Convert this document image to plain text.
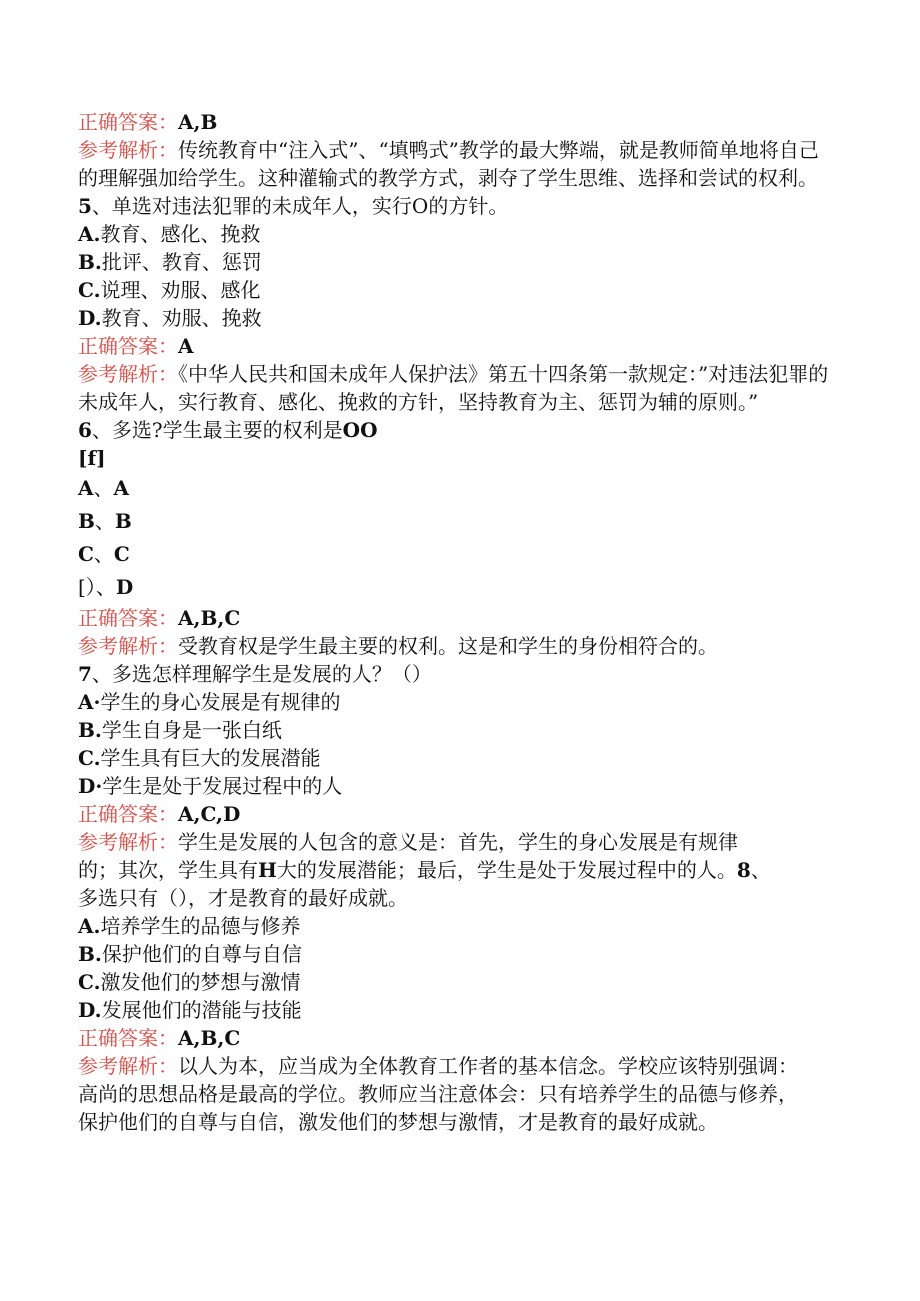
正确答案：A,B
参考解析：传统教育中“注入式”、“填鸭式”教学的最大弊端，就是教师简单地将自己的理解强加给学生。这种灌输式的教学方式，剥夺了学生思维、选择和尝试的权利。
5、单选对违法犯罪的未成年人，实行O的方针。
A.教育、感化、挽救
B.批评、教育、惩罚
C.说理、劝服、感化
D.教育、劝服、挽救
正确答案：A
参考解析：《中华人民共和国未成年人保护法》第五十四条第一款规定：”对违法犯罪的未成年人，实行教育、感化、挽救的方针，坚持教育为主、惩罚为辅的原则。”
6、多选?学生最主要的权利是OO
[f]
A、A
B、B
C、C
[）、D
正确答案：A,B,C
参考解析：受教育权是学生最主要的权利。这是和学生的身份相符合的。
7、多选怎样理解学生是发展的人？（）
A·学生的身心发展是有规律的
B.学生自身是一张白纸
C.学生具有巨大的发展潜能
D·学生是处于发展过程中的人
正确答案：A,C,D
参考解析：学生是发展的人包含的意义是：首先，学生的身心发展是有规律
的；其次，学生具有H大的发展潜能；最后，学生是处于发展过程中的人。8、
多选只有（），才是教育的最好成就。
A.培养学生的品德与修养
B.保护他们的自尊与自信
C.激发他们的梦想与激情
D.发展他们的潜能与技能
正确答案：A,B,C
参考解析：以人为本，应当成为全体教育工作者的基本信念。学校应该特别强调：
高尚的思想品格是最高的学位。教师应当注意体会：只有培养学生的品德与修养，
保护他们的自尊与自信，激发他们的梦想与激情，才是教育的最好成就。
